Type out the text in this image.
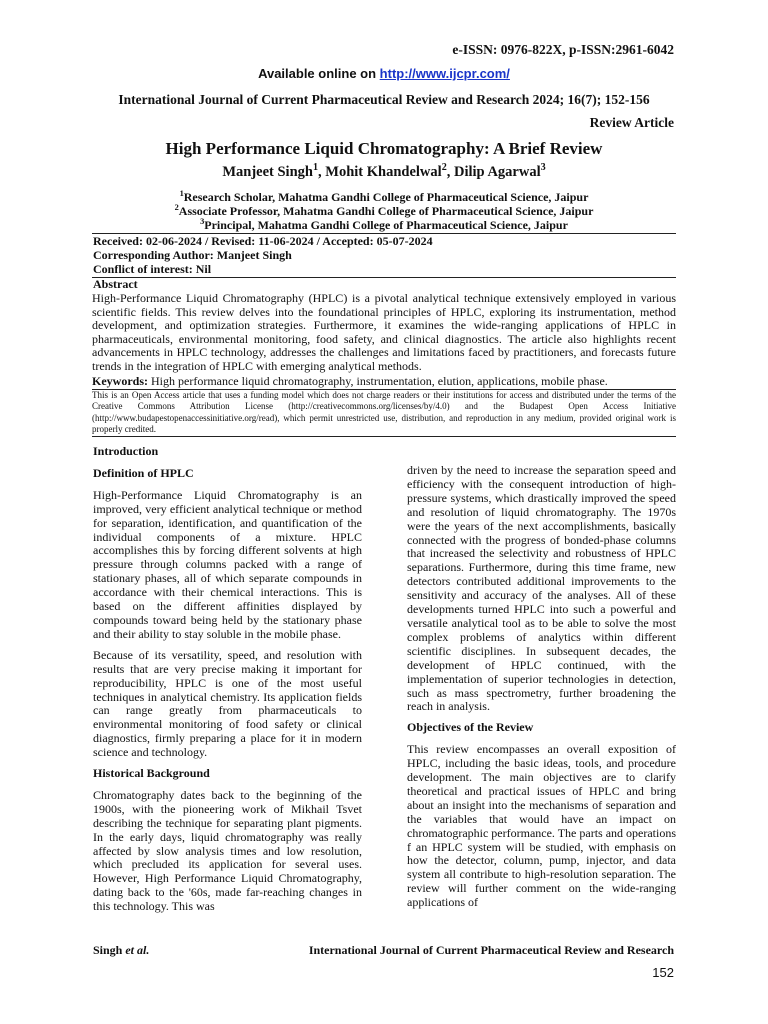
e-ISSN: 0976-822X, p-ISSN:2961-6042
Available online on http://www.ijcpr.com/
International Journal of Current Pharmaceutical Review and Research 2024; 16(7); 152-156
Review Article
High Performance Liquid Chromatography: A Brief Review
Manjeet Singh$^1$, Mohit Khandelwal$^2$, Dilip Agarwal$^3$
$^1$Research Scholar, Mahatma Gandhi College of Pharmaceutical Science, Jaipur
$^2$Associate Professor, Mahatma Gandhi College of Pharmaceutical Science, Jaipur
$^3$Principal, Mahatma Gandhi College of Pharmaceutical Science, Jaipur
Received: 02-06-2024 / Revised: 11-06-2024 / Accepted: 05-07-2024
Corresponding Author: Manjeet Singh
Conflict of interest: Nil
Abstract
High-Performance Liquid Chromatography (HPLC) is a pivotal analytical technique extensively employed in various scientific fields. This review delves into the foundational principles of HPLC, exploring its instrumentation, method development, and optimization strategies. Furthermore, it examines the wide-ranging applications of HPLC in pharmaceuticals, environmental monitoring, food safety, and clinical diagnostics. The article also highlights recent advancements in HPLC technology, addresses the challenges and limitations faced by practitioners, and forecasts future trends in the integration of HPLC with emerging analytical methods.
Keywords: High performance liquid chromatography, instrumentation, elution, applications, mobile phase.
This is an Open Access article that uses a funding model which does not charge readers or their institutions for access and distributed under the terms of the Creative Commons Attribution License (http://creativecommons.org/licenses/by/4.0) and the Budapest Open Access Initiative (http://www.budapestopenaccessinitiative.org/read), which permit unrestricted use, distribution, and reproduction in any medium, provided original work is properly credited.
Introduction
Definition of HPLC

High-Performance Liquid Chromatography is an improved, very efficient analytical technique or method for separation, identification, and quantification of the individual components of a mixture. HPLC accomplishes this by forcing different solvents at high pressure through columns packed with a range of stationary phases, all of which separate compounds in accordance with their chemical interactions. This is based on the different affinities displayed by compounds toward being held by the stationary phase and their ability to stay soluble in the mobile phase.

Because of its versatility, speed, and resolution with results that are very precise making it important for reproducibility, HPLC is one of the most useful techniques in analytical chemistry. Its application fields can range greatly from pharmaceuticals to environmental monitoring of food safety or clinical diagnostics, firmly preparing a place for it in modern science and technology.

Historical Background

Chromatography dates back to the beginning of the 1900s, with the pioneering work of Mikhail Tsvet describing the technique for separating plant pigments. In the early days, liquid chromatography was really affected by slow analysis times and low resolution, which precluded its application for several uses. However, High Performance Liquid Chromatography, dating back to the '60s, made far-reaching changes in this technology. This was

driven by the need to increase the separation speed and efficiency with the consequent introduction of high-pressure systems, which drastically improved the speed and resolution of liquid chromatography. The 1970s were the years of the next accomplishments, basically connected with the progress of bonded-phase columns that increased the selectivity and robustness of HPLC separations. Furthermore, during this time frame, new detectors contributed additional improvements to the sensitivity and accuracy of the analyses. All of these developments turned HPLC into such a powerful and versatile analytical tool as to be able to solve the most complex problems of analytics within different scientific disciplines. In subsequent decades, the development of HPLC continued, with the implementation of superior technologies in detection, such as mass spectrometry, further broadening the reach in analysis.

Objectives of the Review

This review encompasses an overall exposition of HPLC, including the basic ideas, tools, and procedure development. The main objectives are to clarify theoretical and practical issues of HPLC and bring about an insight into the mechanisms of separation and the variables that would have an impact on chromatographic performance. The parts and operations f an HPLC system will be studied, with emphasis on how the detector, column, pump, injector, and data system all contribute to high-resolution separation. The review will further comment on the wide-ranging applications of

Singh et al.	International Journal of Current Pharmaceutical Review and Research
152
